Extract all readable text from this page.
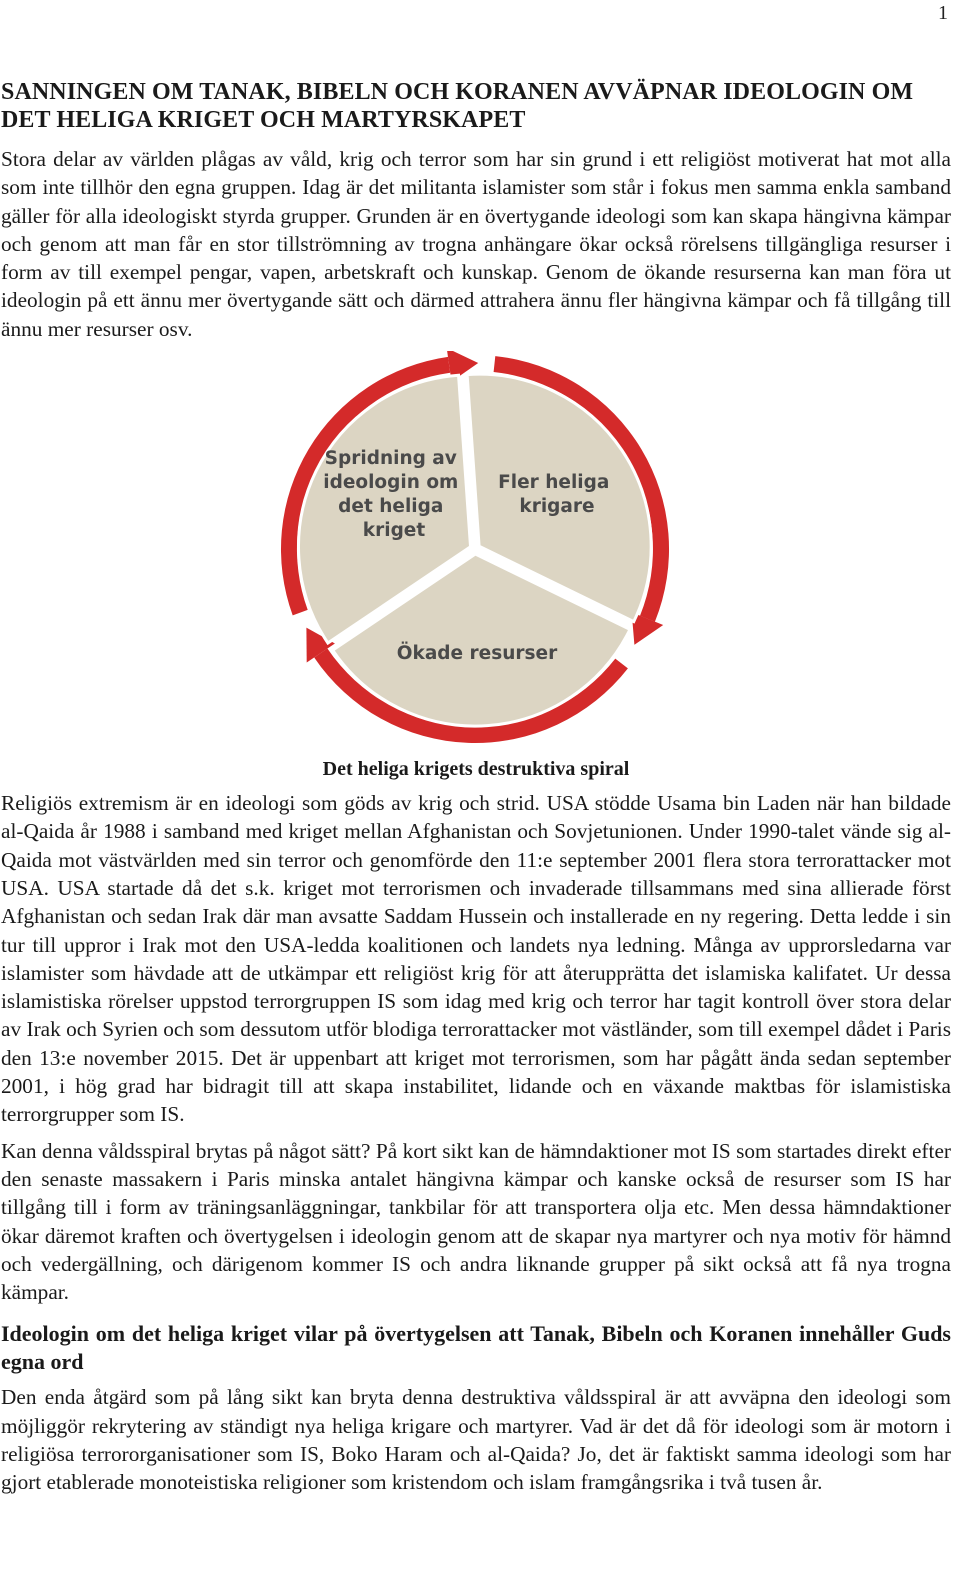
1
SANNINGEN OM TANAK, BIBELN OCH KORANEN AVVÄPNAR IDEOLOGIN OM DET HELIGA KRIGET OCH MARTYRSKAPET

Stora delar av världen plågas av våld, krig och terror som har sin grund i ett religiöst motiverat hat mot alla som inte tillhör den egna gruppen. Idag är det militanta islamister som står i fokus men samma enkla samband gäller för alla ideologiskt styrda grupper. Grunden är en övertygande ideologi som kan skapa hängivna kämpar och genom att man får en stor tillströmning av trogna anhängare ökar också rörelsens tillgängliga resurser i form av till exempel pengar, vapen, arbetskraft och kunskap. Genom de ökande resurserna kan man föra ut ideologin på ett ännu mer övertygande sätt och därmed attrahera ännu fler hängivna kämpar och få tillgång till ännu mer resurser osv.

Spridning av ideologin om det heliga kriget
Fler heliga krigare
Ökade resurser
Det heliga krigets destruktiva spiral

Religiös extremism är en ideologi som göds av krig och strid. USA stödde Usama bin Laden när han bildade al-Qaida år 1988 i samband med kriget mellan Afghanistan och Sovjetunionen. Under 1990-talet vände sig al-Qaida mot västvärlden med sin terror och genomförde den 11:e september 2001 flera stora terrorattacker mot USA. USA startade då det s.k. kriget mot terrorismen och invaderade tillsammans med sina allierade först Afghanistan och sedan Irak där man avsatte Saddam Hussein och installerade en ny regering. Detta ledde i sin tur till uppror i Irak mot den USA-ledda koalitionen och landets nya ledning. Många av upprorsledarna var islamister som hävdade att de utkämpar ett religiöst krig för att återupprätta det islamiska kalifatet. Ur dessa islamistiska rörelser uppstod terrorgruppen IS som idag med krig och terror har tagit kontroll över stora delar av Irak och Syrien och som dessutom utför blodiga terrorattacker mot västländer, som till exempel dådet i Paris den 13:e november 2015. Det är uppenbart att kriget mot terrorismen, som har pågått ända sedan september 2001, i hög grad har bidragit till att skapa instabilitet, lidande och en växande maktbas för islamistiska terrorgrupper som IS.

Kan denna våldsspiral brytas på något sätt? På kort sikt kan de hämndaktioner mot IS som startades direkt efter den senaste massakern i Paris minska antalet hängivna kämpar och kanske också de resurser som IS har tillgång till i form av träningsanläggningar, tankbilar för att transportera olja etc. Men dessa hämndaktioner ökar däremot kraften och övertygelsen i ideologin genom att de skapar nya martyrer och nya motiv för hämnd och vedergällning, och därigenom kommer IS och andra liknande grupper på sikt också att få nya trogna kämpar.

Ideologin om det heliga kriget vilar på övertygelsen att Tanak, Bibeln och Koranen innehåller Guds egna ord

Den enda åtgärd som på lång sikt kan bryta denna destruktiva våldsspiral är att avväpna den ideologi som möjliggör rekrytering av ständigt nya heliga krigare och martyrer. Vad är det då för ideologi som är motorn i religiösa terrororganisationer som IS, Boko Haram och al-Qaida? Jo, det är faktiskt samma ideologi som har gjort etablerade monoteistiska religioner som kristendom och islam framgångsrika i två tusen år.
